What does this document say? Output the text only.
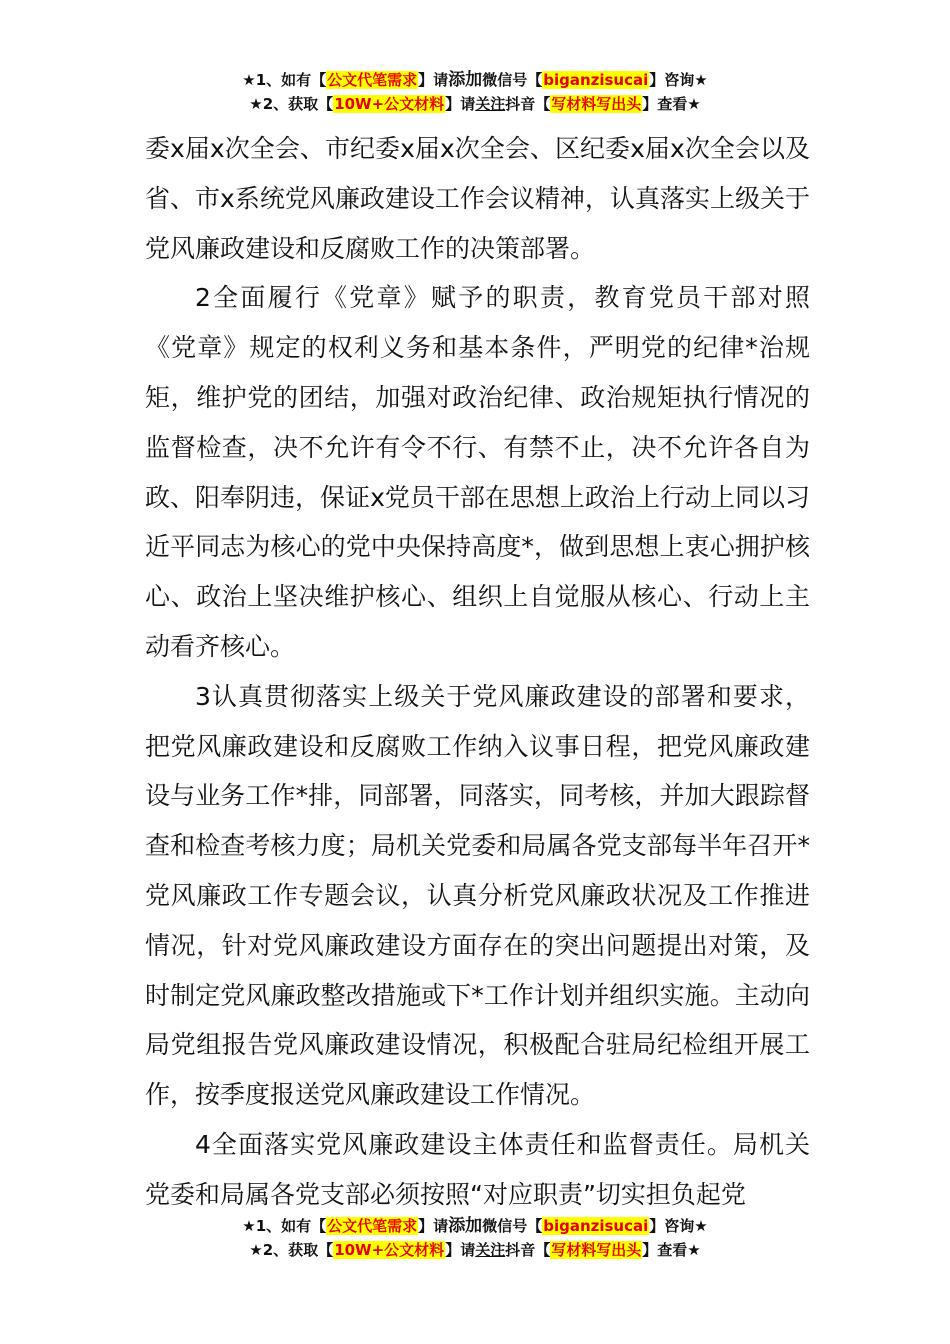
★1、如有【公文代笔需求】请添加微信号【biganzisucai】咨询★
★2、获取【10W+公文材料】请关注抖音【写材料写出头】查看★

委x届x次全会、市纪委x届x次全会、区纪委x届x次全会以及省、市x系统党风廉政建设工作会议精神，认真落实上级关于党风廉政建设和反腐败工作的决策部署。

2全面履行《党章》赋予的职责，教育党员干部对照《党章》规定的权利义务和基本条件，严明党的纪律*治规矩，维护党的团结，加强对政治纪律、政治规矩执行情况的监督检查，决不允许有令不行、有禁不止，决不允许各自为政、阳奉阴违，保证x党员干部在思想上政治上行动上同以习近平同志为核心的党中央保持高度*，做到思想上衷心拥护核心、政治上坚决维护核心、组织上自觉服从核心、行动上主动看齐核心。

3认真贯彻落实上级关于党风廉政建设的部署和要求，把党风廉政建设和反腐败工作纳入议事日程，把党风廉政建设与业务工作*排，同部署，同落实，同考核，并加大跟踪督查和检查考核力度；局机关党委和局属各党支部每半年召开*党风廉政工作专题会议，认真分析党风廉政状况及工作推进情况，针对党风廉政建设方面存在的突出问题提出对策，及时制定党风廉政整改措施或下*工作计划并组织实施。主动向局党组报告党风廉政建设情况，积极配合驻局纪检组开展工作，按季度报送党风廉政建设工作情况。

4全面落实党风廉政建设主体责任和监督责任。局机关党委和局属各党支部必须按照“对应职责”切实担负起党

★1、如有【公文代笔需求】请添加微信号【biganzisucai】咨询★
★2、获取【10W+公文材料】请关注抖音【写材料写出头】查看★
